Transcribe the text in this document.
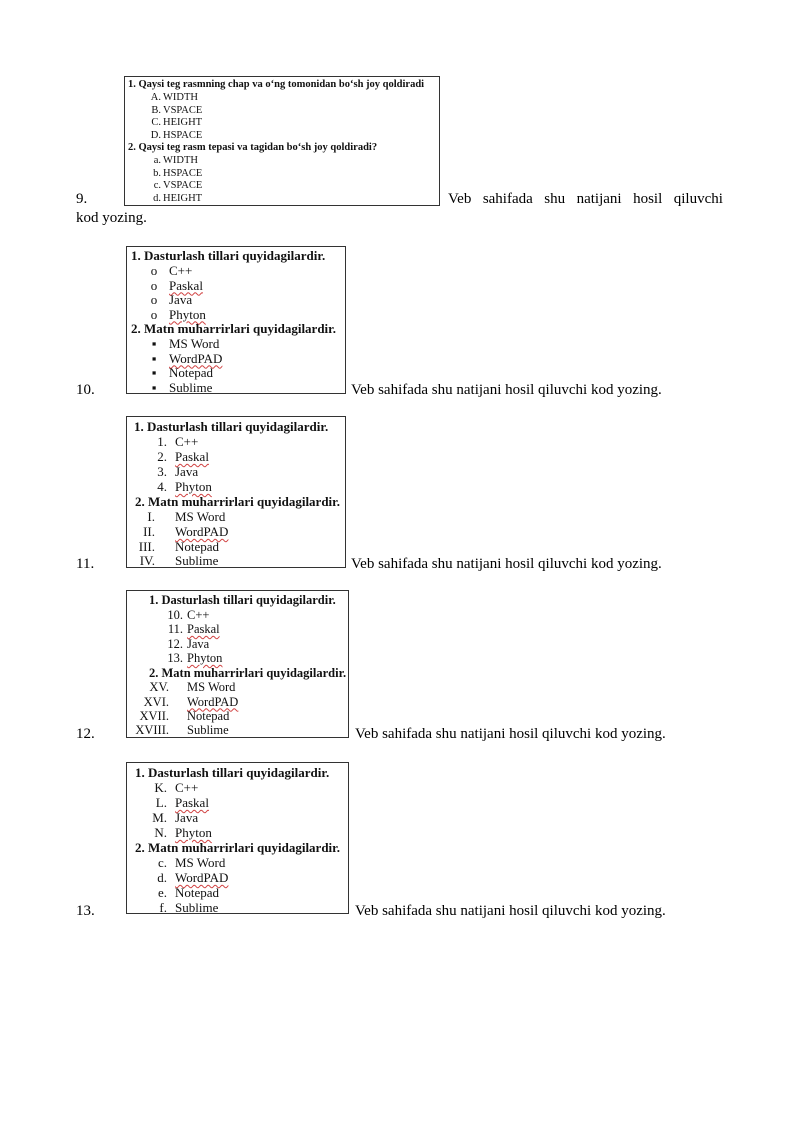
1. Qaysi teg rasmning chap va o‘ng tomonidan bo‘sh joy qoldiradi
A. WIDTH
B. VSPACE
C. HEIGHT
D. HSPACE
2. Qaysi teg rasm tepasi va tagidan bo‘sh joy qoldiradi?
a. WIDTH
b. HSPACE
c. VSPACE
d. HEIGHT
9.	Veb sahifada shu natijani hosil qiluvchi
kod yozing.
1. Dasturlash tillari quyidagilardir.
o C++
o Paskal
o Java
o Phyton
2. Matn muharrirlari quyidagilardir.
▪ MS Word
▪ WordPAD
▪ Notepad
▪ Sublime
10.	Veb sahifada shu natijani hosil qiluvchi kod yozing.
1. Dasturlash tillari quyidagilardir.
1. C++
2. Paskal
3. Java
4. Phyton
2. Matn muharrirlari quyidagilardir.
I. MS Word
II. WordPAD
III. Notepad
IV. Sublime
11.	Veb sahifada shu natijani hosil qiluvchi kod yozing.
1. Dasturlash tillari quyidagilardir.
10. C++
11. Paskal
12. Java
13. Phyton
2. Matn muharrirlari quyidagilardir.
XV. MS Word
XVI. WordPAD
XVII. Notepad
XVIII. Sublime
12.	Veb sahifada shu natijani hosil qiluvchi kod yozing.
1. Dasturlash tillari quyidagilardir.
K. C++
L. Paskal
M. Java
N. Phyton
2. Matn muharrirlari quyidagilardir.
c. MS Word
d. WordPAD
e. Notepad
f. Sublime
13.	Veb sahifada shu natijani hosil qiluvchi kod yozing.
